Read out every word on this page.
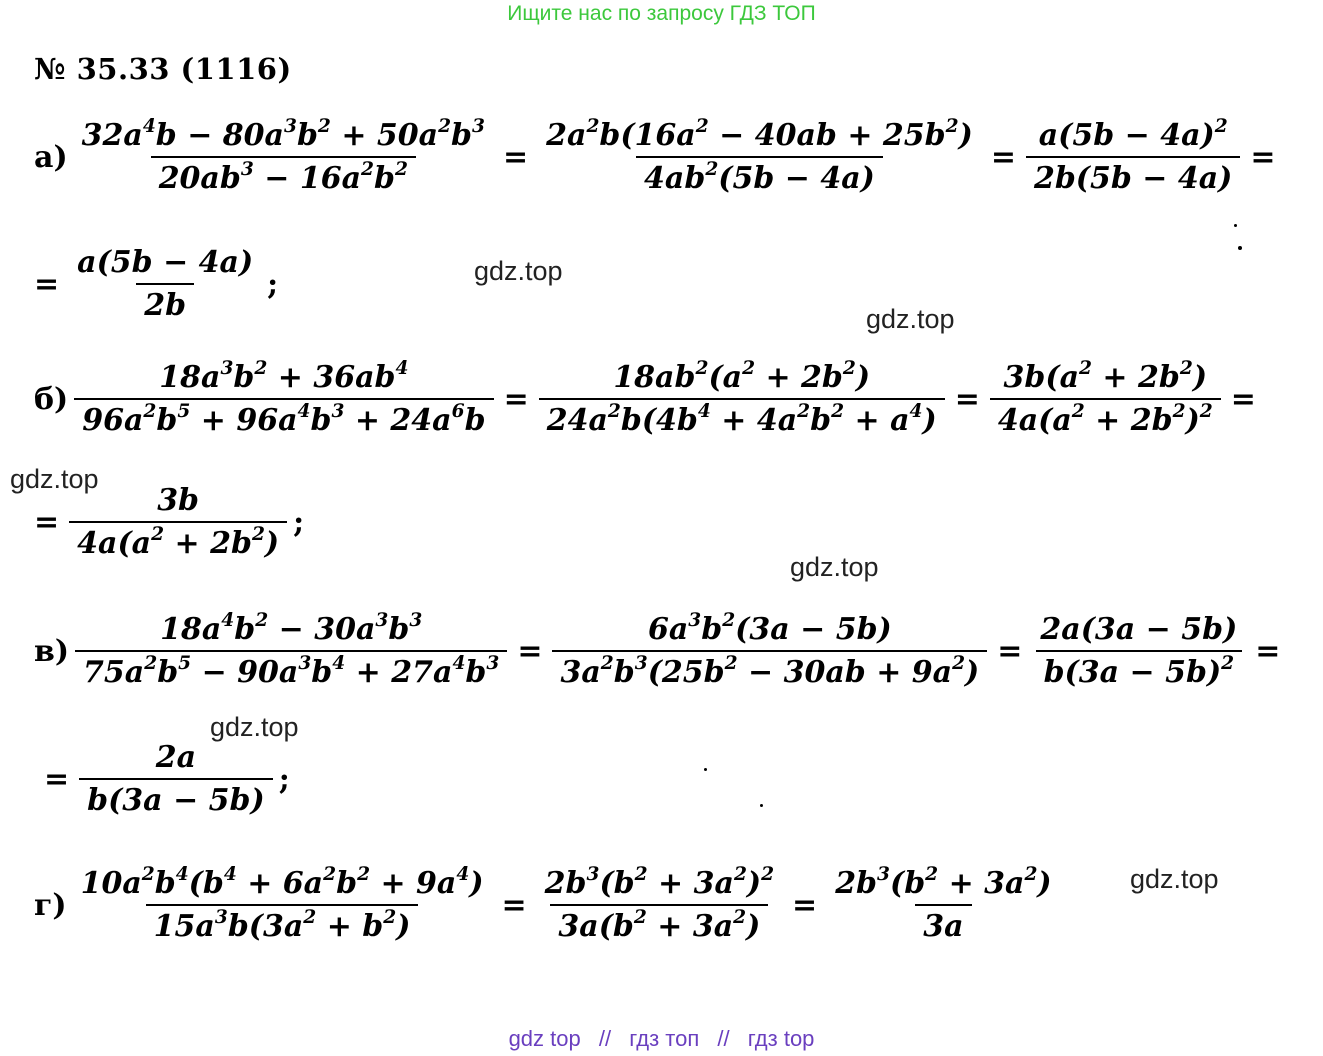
Ищите нас по запросу ГДЗ ТОП
№ 35.33 (1116)
$а) \frac{32a^4b - 80a^3b^2 + 50a^2b^3}{20ab^3 - 16a^2b^2} = \frac{2a^2b(16a^2 - 40ab + 25b^2)}{4ab^2(5b - 4a)} = \frac{a(5b - 4a)^2}{2b(5b - 4a)}$ =
= $\frac{a(5b - 4a)}{2b}$ ;
$б) \frac{18a^3b^2 + 36ab^4}{96a^2b^5 + 96a^4b^3 + 24a^6b} = \frac{18ab^2(a^2 + 2b^2)}{24a^2b(4b^4 + 4a^2b^2 + a^4)} = \frac{3b(a^2 + 2b^2)}{4a(a^2 + 2b^2)^2}$ =
= $\frac{3b}{4a(a^2 + 2b^2)}$ ;
$в) \frac{18a^4b^2 - 30a^3b^3}{75a^2b^5 - 90a^3b^4 + 27a^4b^3} = \frac{6a^3b^2(3a - 5b)}{3a^2b^3(25b^2 - 30ab + 9a^2)} = \frac{2a(3a - 5b)}{b(3a - 5b)^2}$ =
= $\frac{2a}{b(3a - 5b)}$ ;
$г) \frac{10a^2b^4(b^4 + 6a^2b^2 + 9a^4)}{15a^3b(3a^2 + b^2)} = \frac{2b^3(b^2 + 3a^2)^2}{3a(b^2 + 3a^2)} = \frac{2b^3(b^2 + 3a^2)}{3a}$
gdz.top
gdz.top
gdz.top
gdz.top
gdz.top
gdz.top
gdz top // гдз топ // гдз top
